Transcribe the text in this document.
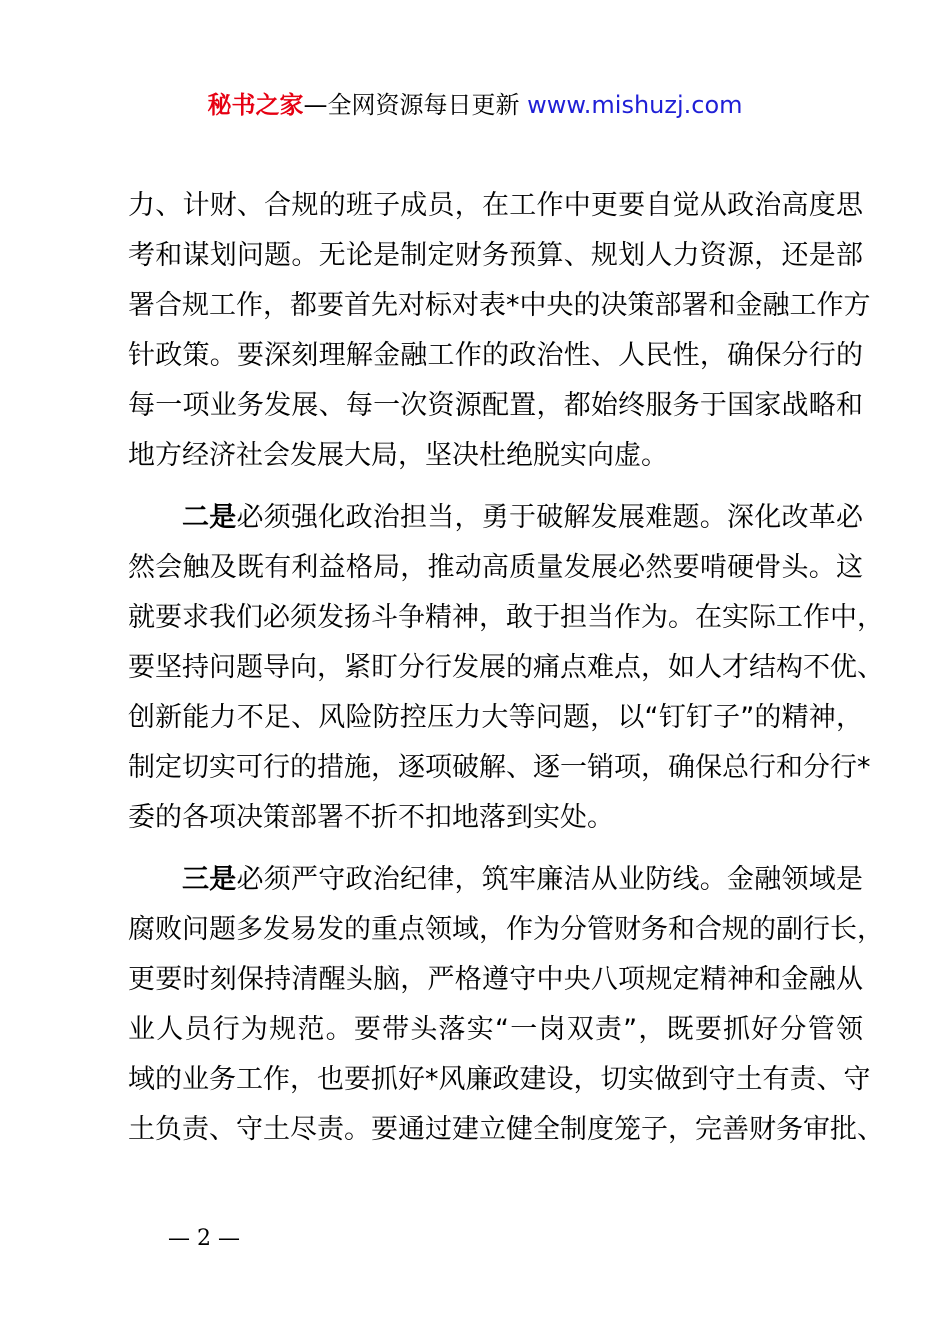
秘书之家—全网资源每日更新 www.mishuzj.com
力、计财、合规的班子成员，在工作中更要自觉从政治高度思
考和谋划问题。无论是制定财务预算、规划人力资源，还是部
署合规工作，都要首先对标对表*中央的决策部署和金融工作方
针政策。要深刻理解金融工作的政治性、人民性，确保分行的
每一项业务发展、每一次资源配置，都始终服务于国家战略和
地方经济社会发展大局，坚决杜绝脱实向虚。
二是必须强化政治担当，勇于破解发展难题。深化改革必
然会触及既有利益格局，推动高质量发展必然要啃硬骨头。这
就要求我们必须发扬斗争精神，敢于担当作为。在实际工作中，
要坚持问题导向，紧盯分行发展的痛点难点，如人才结构不优、
创新能力不足、风险防控压力大等问题，以“钉钉子”的精神，
制定切实可行的措施，逐项破解、逐一销项，确保总行和分行*
委的各项决策部署不折不扣地落到实处。
三是必须严守政治纪律，筑牢廉洁从业防线。金融领域是
腐败问题多发易发的重点领域，作为分管财务和合规的副行长，
更要时刻保持清醒头脑，严格遵守中央八项规定精神和金融从
业人员行为规范。要带头落实“一岗双责”，既要抓好分管领
域的业务工作，也要抓好*风廉政建设，切实做到守土有责、守
土负责、守土尽责。要通过建立健全制度笼子，完善财务审批、
— 2 —
